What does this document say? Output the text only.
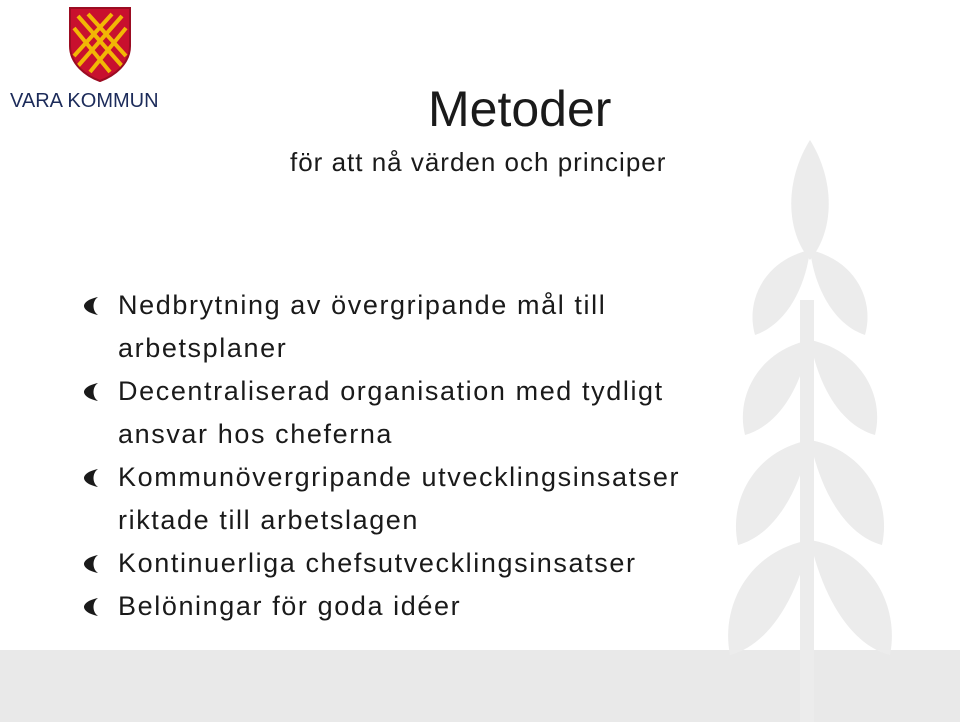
VARA KOMMUN	Metoder
för att nå värden och principer
Nedbrytning av övergripande mål till
arbetsplaner
Decentraliserad organisation med tydligt
ansvar hos cheferna
Kommunövergripande utvecklingsinsatser
riktade till arbetslagen
Kontinuerliga chefsutvecklingsinsatser
Belöningar för goda idéer
